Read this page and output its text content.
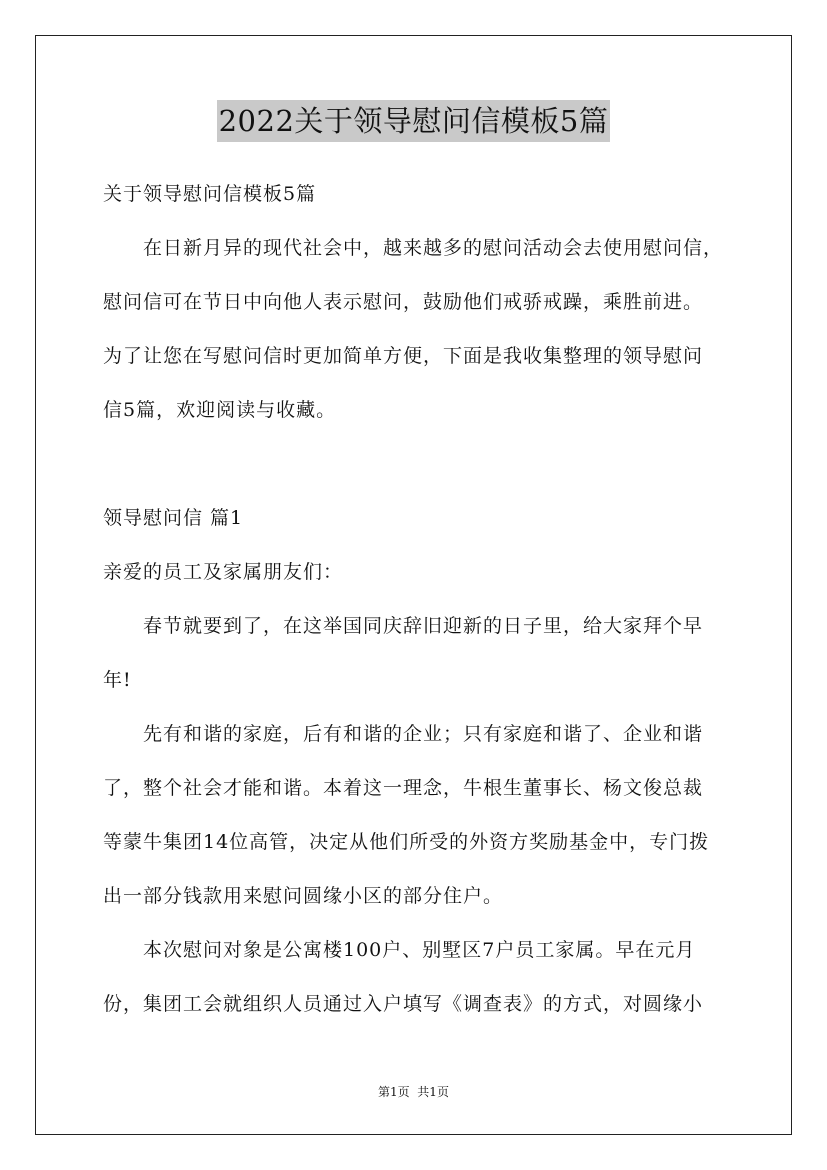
2022关于领导慰问信模板5篇
关于领导慰问信模板5篇
在日新月异的现代社会中，越来越多的慰问活动会去使用慰问信，
慰问信可在节日中向他人表示慰问，鼓励他们戒骄戒躁，乘胜前进。
为了让您在写慰问信时更加简单方便，下面是我收集整理的领导慰问
信5篇，欢迎阅读与收藏。
领导慰问信 篇1
亲爱的员工及家属朋友们：
春节就要到了，在这举国同庆辞旧迎新的日子里，给大家拜个早
年!
先有和谐的家庭，后有和谐的企业；只有家庭和谐了、企业和谐
了，整个社会才能和谐。本着这一理念，牛根生董事长、杨文俊总裁
等蒙牛集团14位高管，决定从他们所受的外资方奖励基金中，专门拨
出一部分钱款用来慰问圆缘小区的部分住户。
本次慰问对象是公寓楼100户、别墅区7户员工家属。早在元月
份，集团工会就组织人员通过入户填写《调查表》的方式，对圆缘小
第1页  共1页
